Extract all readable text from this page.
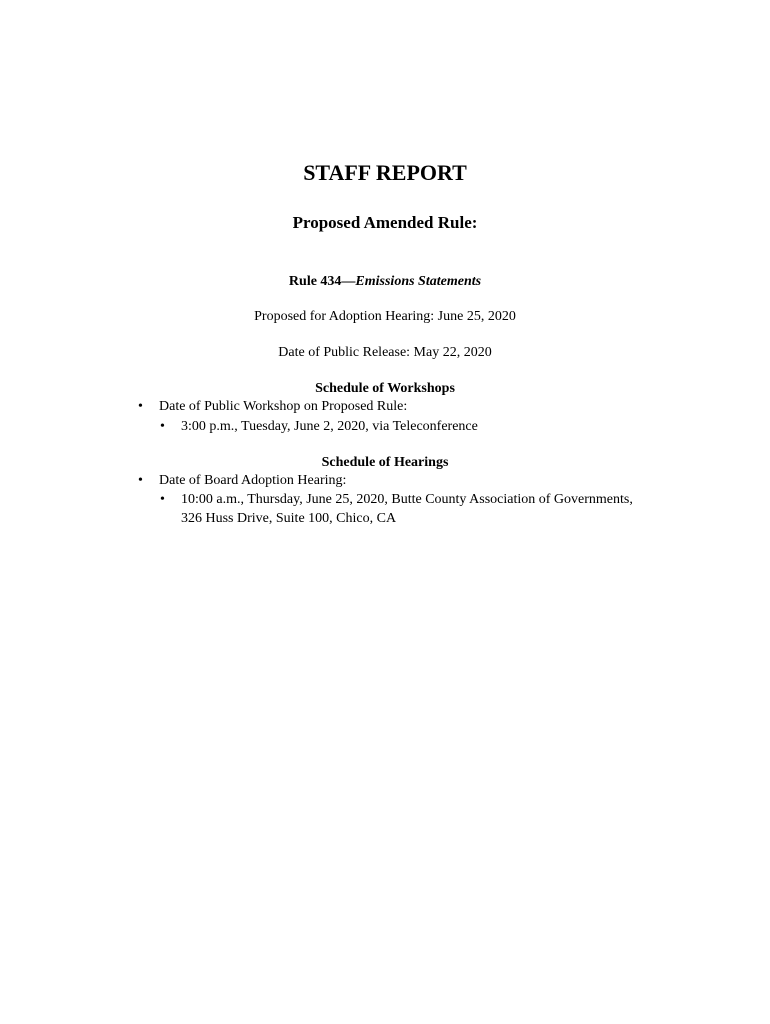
STAFF REPORT
Proposed Amended Rule:
Rule 434—Emissions Statements
Proposed for Adoption Hearing: June 25, 2020
Date of Public Release: May 22, 2020
Schedule of Workshops
• Date of Public Workshop on Proposed Rule:
• 3:00 p.m., Tuesday, June 2, 2020, via Teleconference
Schedule of Hearings
• Date of Board Adoption Hearing:
• 10:00 a.m., Thursday, June 25, 2020, Butte County Association of Governments,
326 Huss Drive, Suite 100, Chico, CA
